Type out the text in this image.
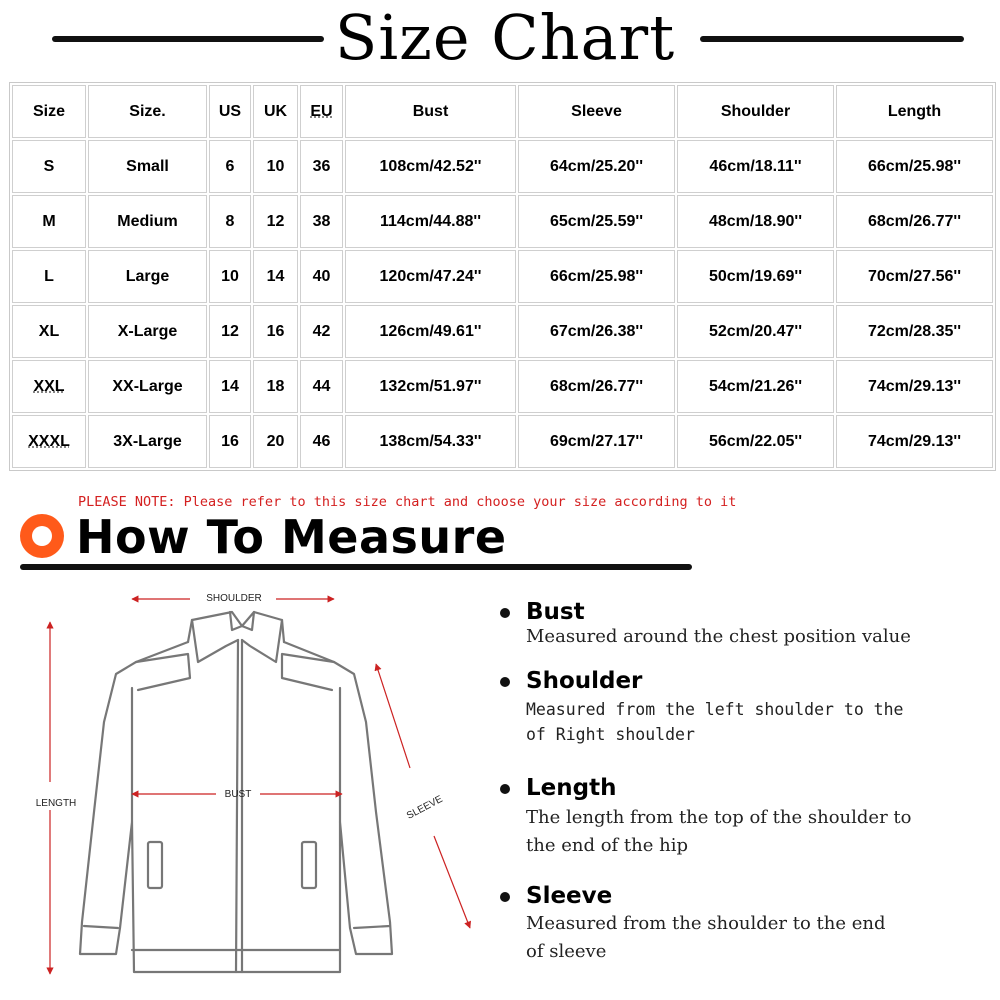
Size Chart
Size	Size.	US	UK	EU	Bust	Sleeve	Shoulder	Length
S	Small	6	10	36	108cm/42.52''	64cm/25.20''	46cm/18.11''	66cm/25.98''
M	Medium	8	12	38	114cm/44.88''	65cm/25.59''	48cm/18.90''	68cm/26.77''
L	Large	10	14	40	120cm/47.24''	66cm/25.98''	50cm/19.69''	70cm/27.56''
XL	X-Large	12	16	42	126cm/49.61''	67cm/26.38''	52cm/20.47''	72cm/28.35''
XXL	XX-Large	14	18	44	132cm/51.97''	68cm/26.77''	54cm/21.26''	74cm/29.13''
XXXL	3X-Large	16	20	46	138cm/54.33''	69cm/27.17''	56cm/22.05''	74cm/29.13''
PLEASE NOTE: Please refer to this size chart and choose your size according to it
How To Measure
SHOULDER
LENGTH
BUST	SLEEVE
Bust
Measured around the chest position value
Shoulder
Measured from the left shoulder to the
of Right shoulder
Length
The length from the top of the shoulder to
the end of the hip
Sleeve
Measured from the shoulder to the end
of sleeve
